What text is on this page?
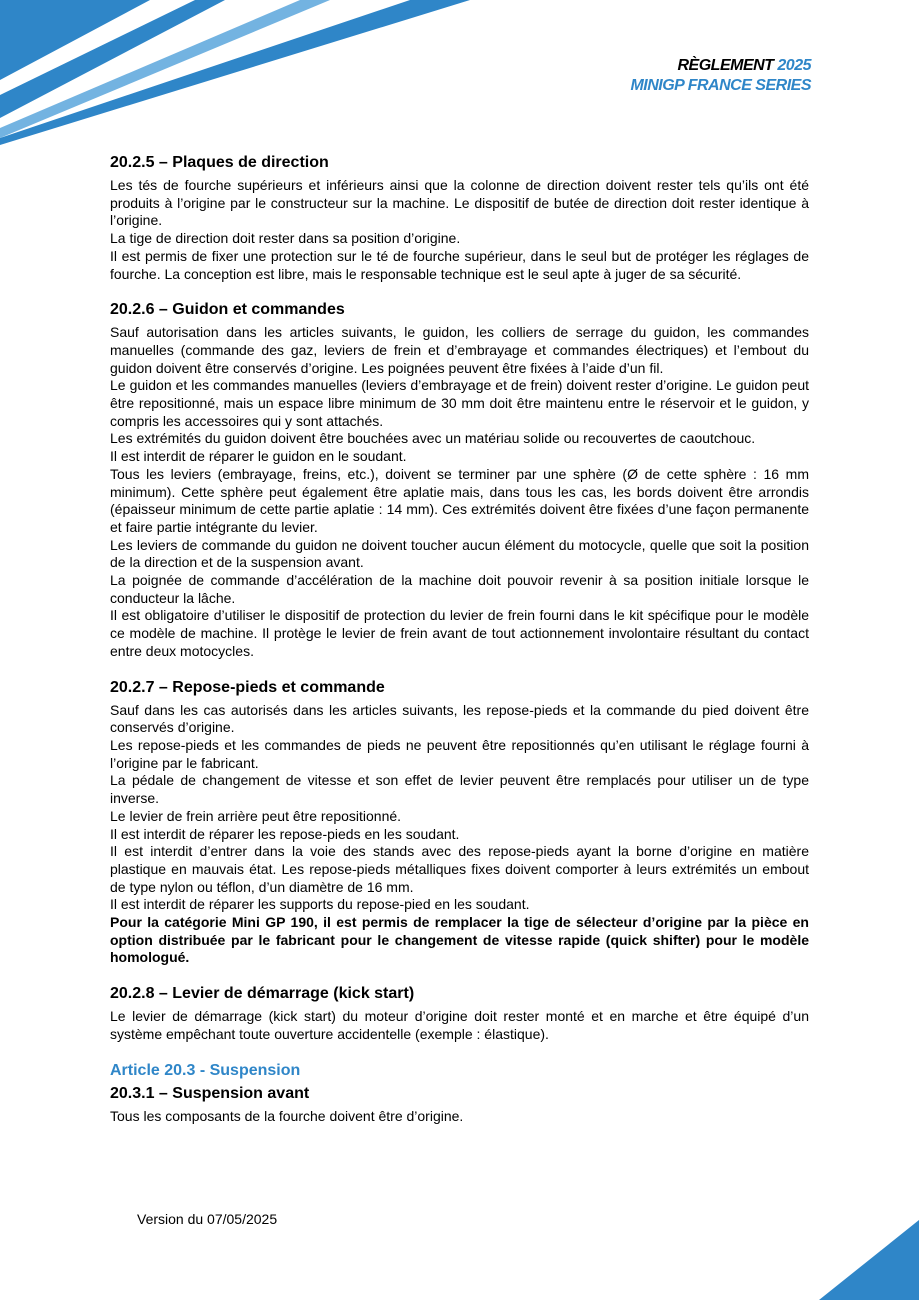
RÈGLEMENT 2025
MINIGP FRANCE SERIES
20.2.5 – Plaques de direction

Les tés de fourche supérieurs et inférieurs ainsi que la colonne de direction doivent rester tels qu’ils ont été produits à l’origine par le constructeur sur la machine. Le dispositif de butée de direction doit rester identique à l’origine.

La tige de direction doit rester dans sa position d’origine.

Il est permis de fixer une protection sur le té de fourche supérieur, dans le seul but de protéger les réglages de fourche. La conception est libre, mais le responsable technique est le seul apte à juger de sa sécurité.

20.2.6 – Guidon et commandes

Sauf autorisation dans les articles suivants, le guidon, les colliers de serrage du guidon, les commandes manuelles (commande des gaz, leviers de frein et d’embrayage et commandes électriques) et l’embout du guidon doivent être conservés d’origine. Les poignées peuvent être fixées à l’aide d’un fil.

Le guidon et les commandes manuelles (leviers d’embrayage et de frein) doivent rester d’origine. Le guidon peut être repositionné, mais un espace libre minimum de 30 mm doit être maintenu entre le réservoir et le guidon, y compris les accessoires qui y sont attachés.

Les extrémités du guidon doivent être bouchées avec un matériau solide ou recouvertes de caoutchouc.

Il est interdit de réparer le guidon en le soudant.

Tous les leviers (embrayage, freins, etc.), doivent se terminer par une sphère (Ø de cette sphère : 16 mm minimum). Cette sphère peut également être aplatie mais, dans tous les cas, les bords doivent être arrondis (épaisseur minimum de cette partie aplatie : 14 mm). Ces extrémités doivent être fixées d’une façon permanente et faire partie intégrante du levier.

Les leviers de commande du guidon ne doivent toucher aucun élément du motocycle, quelle que soit la position de la direction et de la suspension avant.

La poignée de commande d’accélération de la machine doit pouvoir revenir à sa position initiale lorsque le conducteur la lâche.

Il est obligatoire d’utiliser le dispositif de protection du levier de frein fourni dans le kit spécifique pour le modèle ce modèle de machine. Il protège le levier de frein avant de tout actionnement involontaire résultant du contact entre deux motocycles.

20.2.7 – Repose-pieds et commande

Sauf dans les cas autorisés dans les articles suivants, les repose-pieds et la commande du pied doivent être conservés d’origine.

Les repose-pieds et les commandes de pieds ne peuvent être repositionnés qu’en utilisant le réglage fourni à l’origine par le fabricant.

La pédale de changement de vitesse et son effet de levier peuvent être remplacés pour utiliser un de type inverse.

Le levier de frein arrière peut être repositionné.

Il est interdit de réparer les repose-pieds en les soudant.

Il est interdit d’entrer dans la voie des stands avec des repose-pieds ayant la borne d’origine en matière plastique en mauvais état. Les repose-pieds métalliques fixes doivent comporter à leurs extrémités un embout de type nylon ou téflon, d’un diamètre de 16 mm.

Il est interdit de réparer les supports du repose-pied en les soudant.

Pour la catégorie Mini GP 190, il est permis de remplacer la tige de sélecteur d’origine par la pièce en option distribuée par le fabricant pour le changement de vitesse rapide (quick shifter) pour le modèle homologué.

20.2.8 – Levier de démarrage (kick start)

Le levier de démarrage (kick start) du moteur d’origine doit rester monté et en marche et être équipé d’un système empêchant toute ouverture accidentelle (exemple : élastique).

Article 20.3 - Suspension
20.3.1 – Suspension avant

Tous les composants de la fourche doivent être d’origine.

Version du 07/05/2025
